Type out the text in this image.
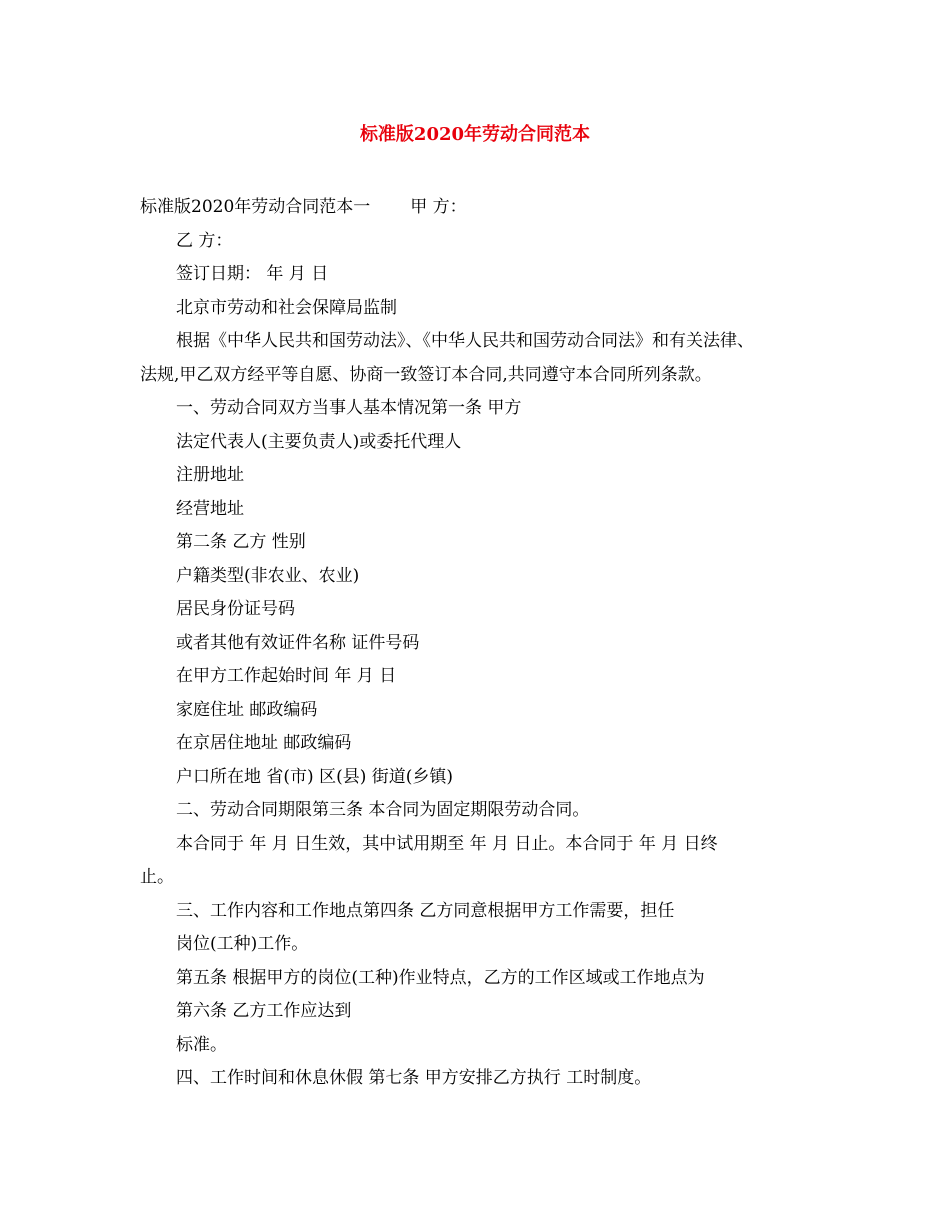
标准版2020年劳动合同范本
标准版2020年劳动合同范本一 甲 方：
乙 方：
签订日期： 年 月 日
北京市劳动和社会保障局监制
根据《中华人民共和国劳动法》、《中华人民共和国劳动合同法》和有关法律、
法规,甲乙双方经平等自愿、协商一致签订本合同,共同遵守本合同所列条款。
一、劳动合同双方当事人基本情况第一条 甲方
法定代表人(主要负责人)或委托代理人
注册地址
经营地址
第二条 乙方 性别
户籍类型(非农业、农业)
居民身份证号码
或者其他有效证件名称 证件号码
在甲方工作起始时间 年 月 日
家庭住址 邮政编码
在京居住地址 邮政编码
户口所在地 省(市) 区(县) 街道(乡镇)
二、劳动合同期限第三条 本合同为固定期限劳动合同。
本合同于 年 月 日生效，其中试用期至 年 月 日止。本合同于 年 月 日终
止。
三、工作内容和工作地点第四条 乙方同意根据甲方工作需要，担任
岗位(工种)工作。
第五条 根据甲方的岗位(工种)作业特点，乙方的工作区域或工作地点为
第六条 乙方工作应达到
标准。
四、工作时间和休息休假 第七条 甲方安排乙方执行 工时制度。
